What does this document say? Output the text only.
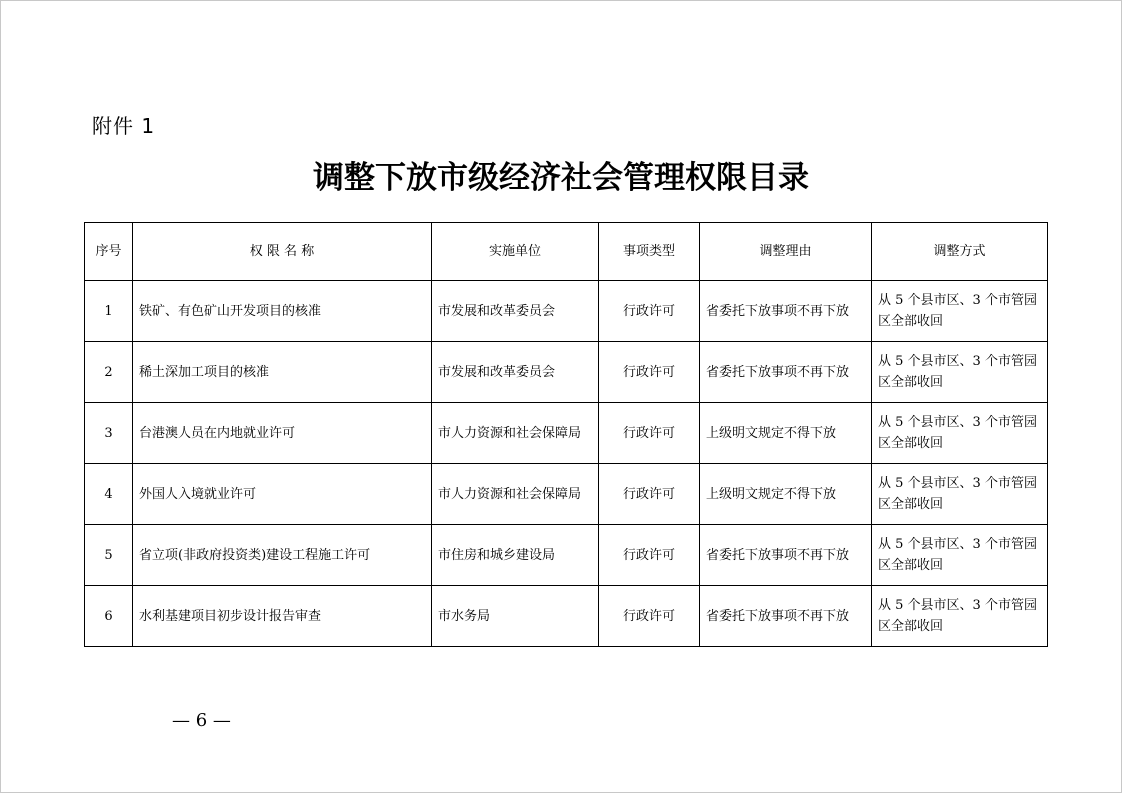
附件 1
调整下放市级经济社会管理权限目录
序号	权 限 名 称	实施单位	事项类型	调整理由	调整方式
1	铁矿、有色矿山开发项目的核准	市发展和改革委员会	行政许可	省委托下放事项不再下放	从 5 个县市区、3 个市管园区全部收回
2	稀土深加工项目的核准	市发展和改革委员会	行政许可	省委托下放事项不再下放	从 5 个县市区、3 个市管园区全部收回
3	台港澳人员在内地就业许可	市人力资源和社会保障局	行政许可	上级明文规定不得下放	从 5 个县市区、3 个市管园区全部收回
4	外国人入境就业许可	市人力资源和社会保障局	行政许可	上级明文规定不得下放	从 5 个县市区、3 个市管园区全部收回
5	省立项(非政府投资类)建设工程施工许可	市住房和城乡建设局	行政许可	省委托下放事项不再下放	从 5 个县市区、3 个市管园区全部收回
6	水利基建项目初步设计报告审查	市水务局	行政许可	省委托下放事项不再下放	从 5 个县市区、3 个市管园区全部收回
— 6 —
